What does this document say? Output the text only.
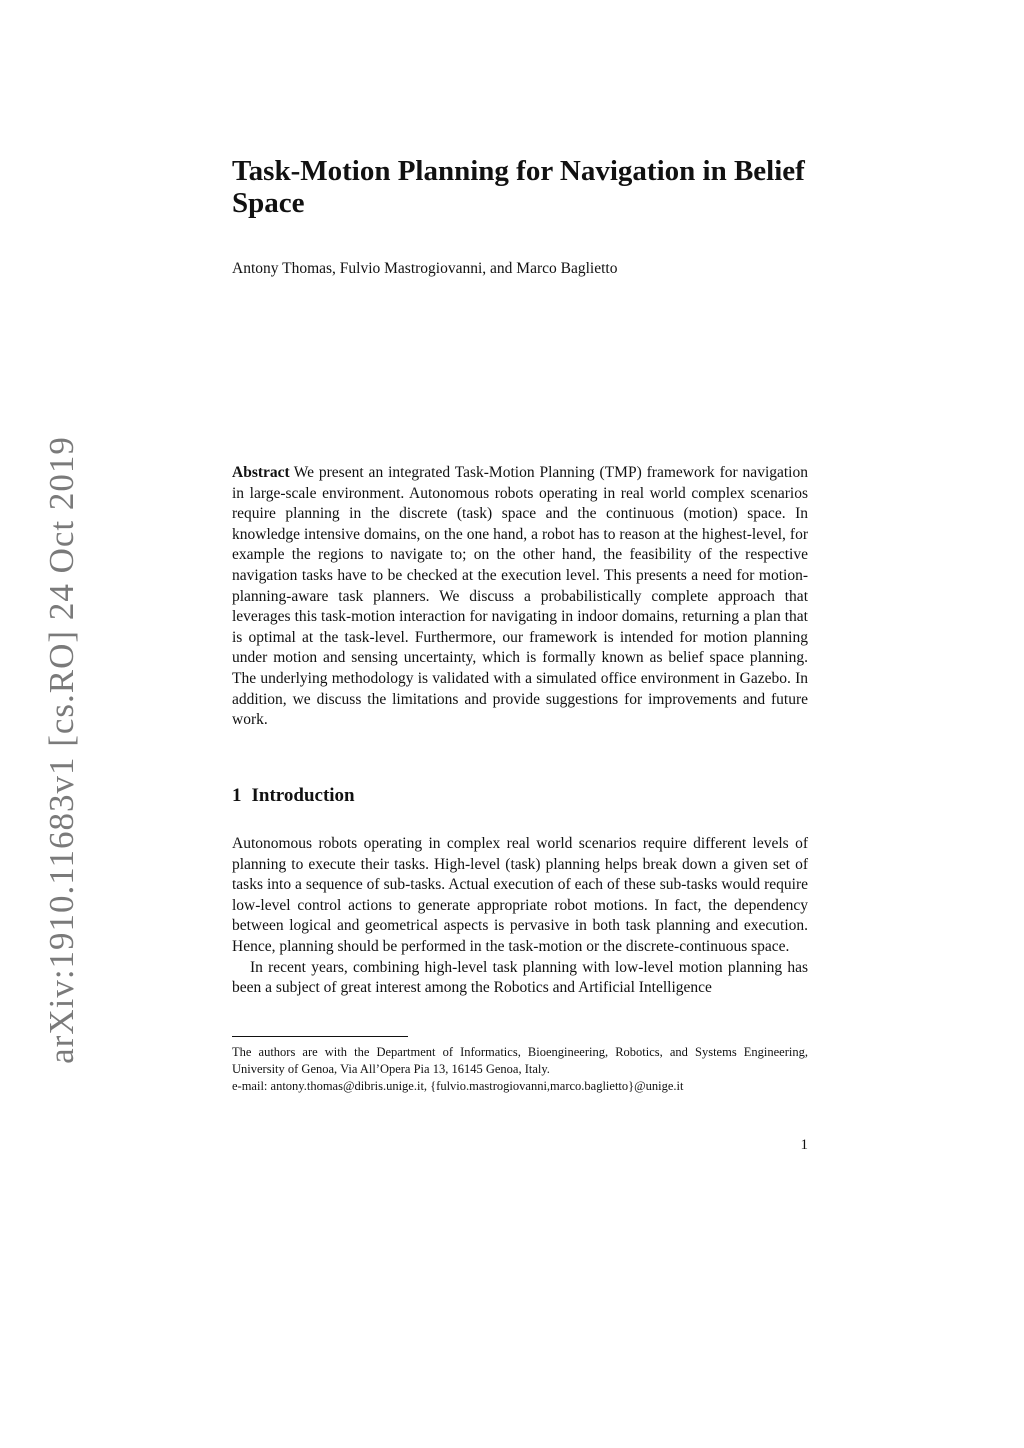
arXiv:1910.11683v1 [cs.RO] 24 Oct 2019
Task-Motion Planning for Navigation in Belief Space
Antony Thomas, Fulvio Mastrogiovanni, and Marco Baglietto

Abstract We present an integrated Task-Motion Planning (TMP) framework for navigation in large-scale environment. Autonomous robots operating in real world complex scenarios require planning in the discrete (task) space and the continuous (motion) space. In knowledge intensive domains, on the one hand, a robot has to reason at the highest-level, for example the regions to navigate to; on the other hand, the feasibility of the respective navigation tasks have to be checked at the execution level. This presents a need for motion-planning-aware task planners. We discuss a probabilistically complete approach that leverages this task-motion interaction for navigating in indoor domains, returning a plan that is optimal at the task-level. Furthermore, our framework is intended for motion planning under motion and sensing uncertainty, which is formally known as belief space planning. The underlying methodology is validated with a simulated office environment in Gazebo. In addition, we discuss the limitations and provide suggestions for improvements and future work.

1 Introduction

Autonomous robots operating in complex real world scenarios require different levels of planning to execute their tasks. High-level (task) planning helps break down a given set of tasks into a sequence of sub-tasks. Actual execution of each of these sub-tasks would require low-level control actions to generate appropriate robot motions. In fact, the dependency between logical and geometrical aspects is pervasive in both task planning and execution. Hence, planning should be performed in the task-motion or the discrete-continuous space.

In recent years, combining high-level task planning with low-level motion planning has been a subject of great interest among the Robotics and Artificial Intelligence

The authors are with the Department of Informatics, Bioengineering, Robotics, and Systems Engineering, University of Genoa, Via All’Opera Pia 13, 16145 Genoa, Italy.

e-mail: antony.thomas@dibris.unige.it, {fulvio.mastrogiovanni,marco.baglietto}@unige.it

1
